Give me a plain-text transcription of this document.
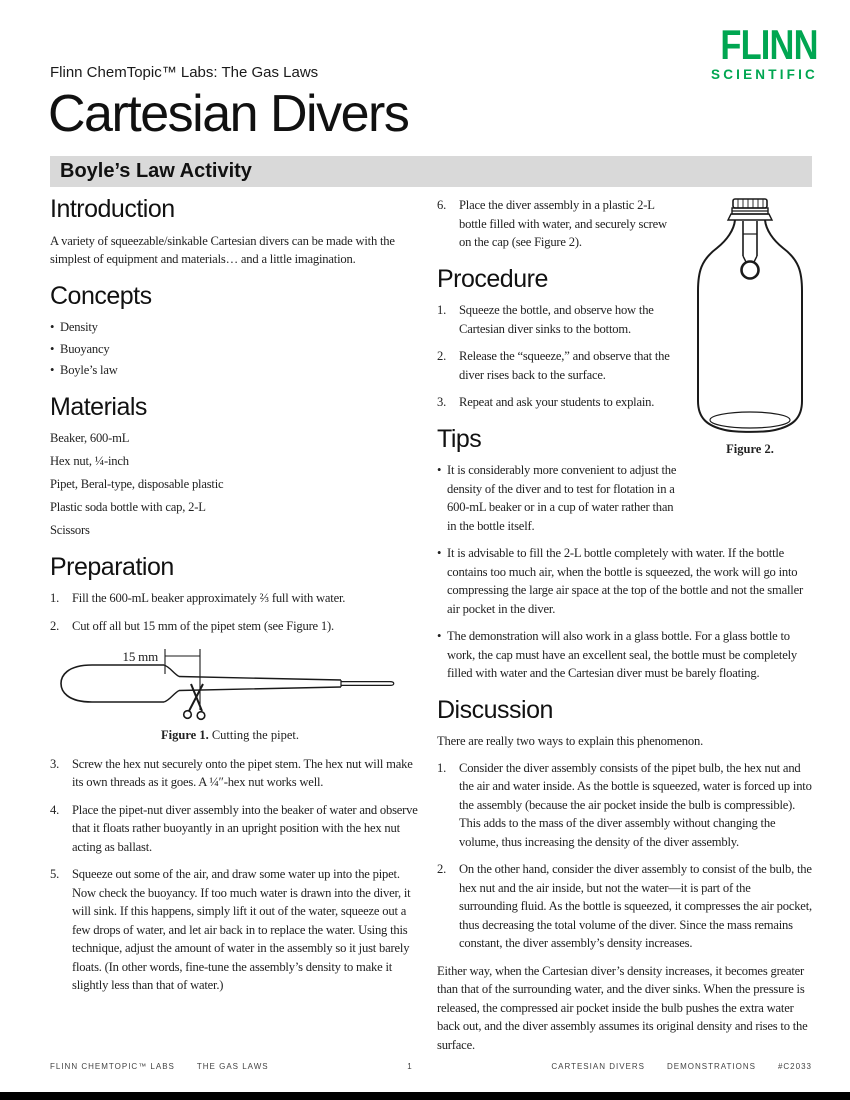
FLINN
SCIENTIFIC
Flinn ChemTopic™ Labs: The Gas Laws
Cartesian Divers
Boyle’s Law Activity
Introduction

A variety of squeezable/sinkable Cartesian divers can be made with the simplest of equipment and materials… and a little imagination.

Concepts
•
Density
•
Buoyancy
•
Boyle’s law
Materials
Beaker, 600-mL
Hex nut, ¼-inch
Pipet, Beral-type, disposable plastic
Plastic soda bottle with cap, 2-L
Scissors
Preparation
1.	Fill the 600-mL beaker approximately ⅔ full with water.
2.	Cut off all but 15 mm of the pipet stem (see Figure 1).
15 mm
Figure 1. Cutting the pipet.
3.	Screw the hex nut securely onto the pipet stem. The hex nut will make its own threads as it goes. A ¼″-hex nut works well.
4.	Place the pipet-nut diver assembly into the beaker of water and observe that it floats rather buoyantly in an upright position with the hex nut acting as ballast.
5.	Squeeze out some of the air, and draw some water up into the pipet. Now check the buoyancy. If too much water is drawn into the diver, it will sink. If this happens, simply lift it out of the water, squeeze out a few drops of water, and let air back in to replace the water. Using this technique, adjust the amount of water in the assembly so it just barely floats. (In other words, fine-tune the assembly’s density to make it slightly less than that of water.)
Figure 2.
6.	Place the diver assembly in a plastic 2-L bottle filled with water, and securely screw on the cap (see Figure 2).
Procedure
1.	Squeeze the bottle, and observe how the Cartesian diver sinks to the bottom.
2.	Release the “squeeze,” and observe that the diver rises back to the surface.
3.	Repeat and ask your students to explain.
Tips
•
It is considerably more convenient to adjust the density of the diver and to test for flotation in a 600-mL beaker or in a cup of water rather than in the bottle itself.
•
It is advisable to fill the 2-L bottle completely with water. If the bottle contains too much air, when the bottle is squeezed, the work will go into compressing the large air space at the top of the bottle and not the smaller air pocket in the diver.
•
The demonstration will also work in a glass bottle. For a glass bottle to work, the cap must have an excellent seal, the bottle must be completely filled with water and the Cartesian diver must be barely floating.
Discussion

There are really two ways to explain this phenomenon.

1.	Consider the diver assembly consists of the pipet bulb, the hex nut and the air and water inside. As the bottle is squeezed, water is forced up into the assembly (because the air pocket inside the bulb is compressible). This adds to the mass of the diver assembly without changing the volume, thus increasing the density of the diver assembly.
2.	On the other hand, consider the diver assembly to consist of the bulb, the hex nut and the air inside, but not the water—it is part of the surrounding fluid. As the bottle is squeezed, it compresses the air pocket, thus decreasing the total volume of the diver. Since the mass remains constant, the diver assembly’s density increases.

Either way, when the Cartesian diver’s density increases, it becomes greater than that of the surrounding water, and the diver sinks. When the pressure is released, the compressed air pocket inside the bulb pushes the extra water back out, and the diver assembly assumes its original density and rises to the surface.

FLINN CHEMTOPIC™ LABS	THE GAS LAWS	1	CARTESIAN DIVERS	DEMONSTRATIONS	#C2033
